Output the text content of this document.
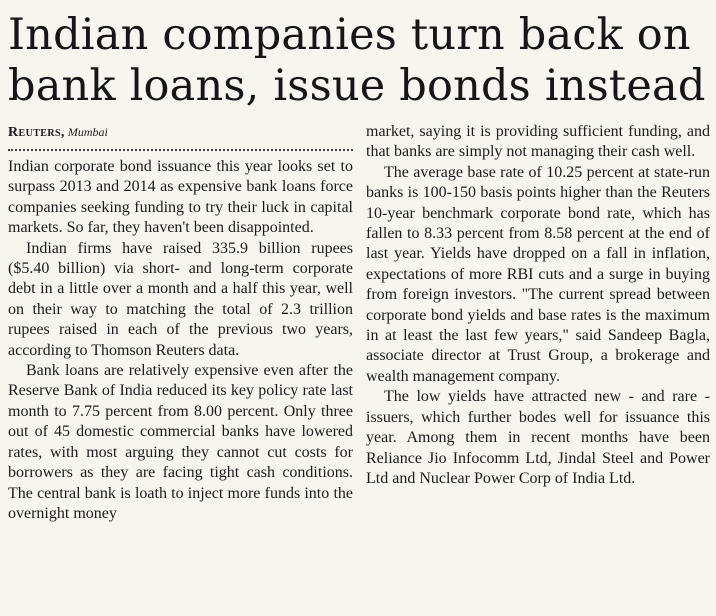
Indian companies turn back on bank loans, issue bonds instead
Reuters, Mumbai

Indian corporate bond issuance this year looks set to surpass 2013 and 2014 as expensive bank loans force companies seeking funding to try their luck in capital markets. So far, they haven't been disappointed.

Indian firms have raised 335.9 billion rupees ($5.40 billion) via short- and long-term corporate debt in a little over a month and a half this year, well on their way to matching the total of 2.3 trillion rupees raised in each of the previous two years, according to Thomson Reuters data.

Bank loans are relatively expensive even after the Reserve Bank of India reduced its key policy rate last month to 7.75 percent from 8.00 percent. Only three out of 45 domestic commercial banks have lowered rates, with most arguing they cannot cut costs for borrowers as they are facing tight cash conditions. The central bank is loath to inject more funds into the overnight money

market, saying it is providing sufficient funding, and that banks are simply not managing their cash well.

The average base rate of 10.25 percent at state-run banks is 100-150 basis points higher than the Reuters 10-year benchmark corporate bond rate, which has fallen to 8.33 percent from 8.58 percent at the end of last year. Yields have dropped on a fall in inflation, expectations of more RBI cuts and a surge in buying from foreign investors. "The current spread between corporate bond yields and base rates is the maximum in at least the last few years," said Sandeep Bagla, associate director at Trust Group, a brokerage and wealth management company.

The low yields have attracted new - and rare - issuers, which further bodes well for issuance this year. Among them in recent months have been Reliance Jio Infocomm Ltd, Jindal Steel and Power Ltd and Nuclear Power Corp of India Ltd.
